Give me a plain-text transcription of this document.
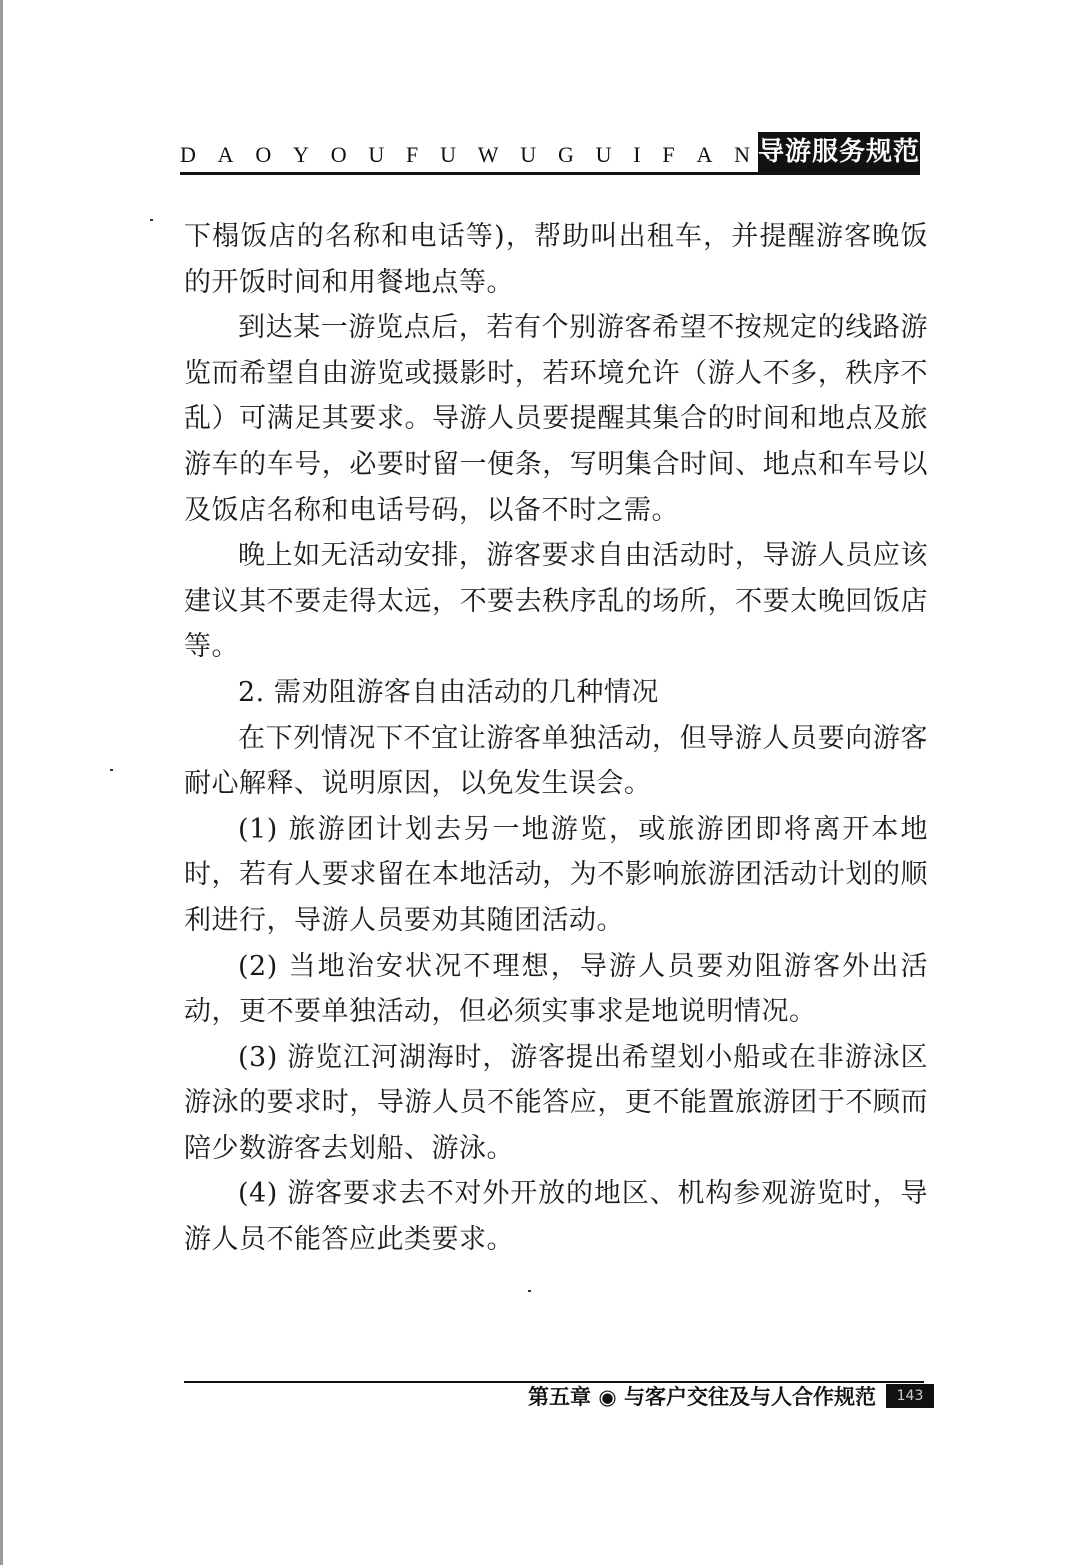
D A O Y O U F U W U G U I F A N 导游服务规范

下榻饭店的名称和电话等)，帮助叫出租车，并提醒游客晚饭的开饭时间和用餐地点等。

到达某一游览点后，若有个别游客希望不按规定的线路游览而希望自由游览或摄影时，若环境允许（游人不多，秩序不乱）可满足其要求。导游人员要提醒其集合的时间和地点及旅游车的车号，必要时留一便条，写明集合时间、地点和车号以及饭店名称和电话号码，以备不时之需。

晚上如无活动安排，游客要求自由活动时，导游人员应该建议其不要走得太远，不要去秩序乱的场所，不要太晚回饭店等。

2. 需劝阻游客自由活动的几种情况

在下列情况下不宜让游客单独活动，但导游人员要向游客耐心解释、说明原因，以免发生误会。

(1) 旅游团计划去另一地游览，或旅游团即将离开本地时，若有人要求留在本地活动，为不影响旅游团活动计划的顺利进行，导游人员要劝其随团活动。

(2) 当地治安状况不理想，导游人员要劝阻游客外出活动，更不要单独活动，但必须实事求是地说明情况。

(3) 游览江河湖海时，游客提出希望划小船或在非游泳区游泳的要求时，导游人员不能答应，更不能置旅游团于不顾而陪少数游客去划船、游泳。

(4) 游客要求去不对外开放的地区、机构参观游览时，导游人员不能答应此类要求。

第五章 ◉ 与客户交往及与人合作规范	143
